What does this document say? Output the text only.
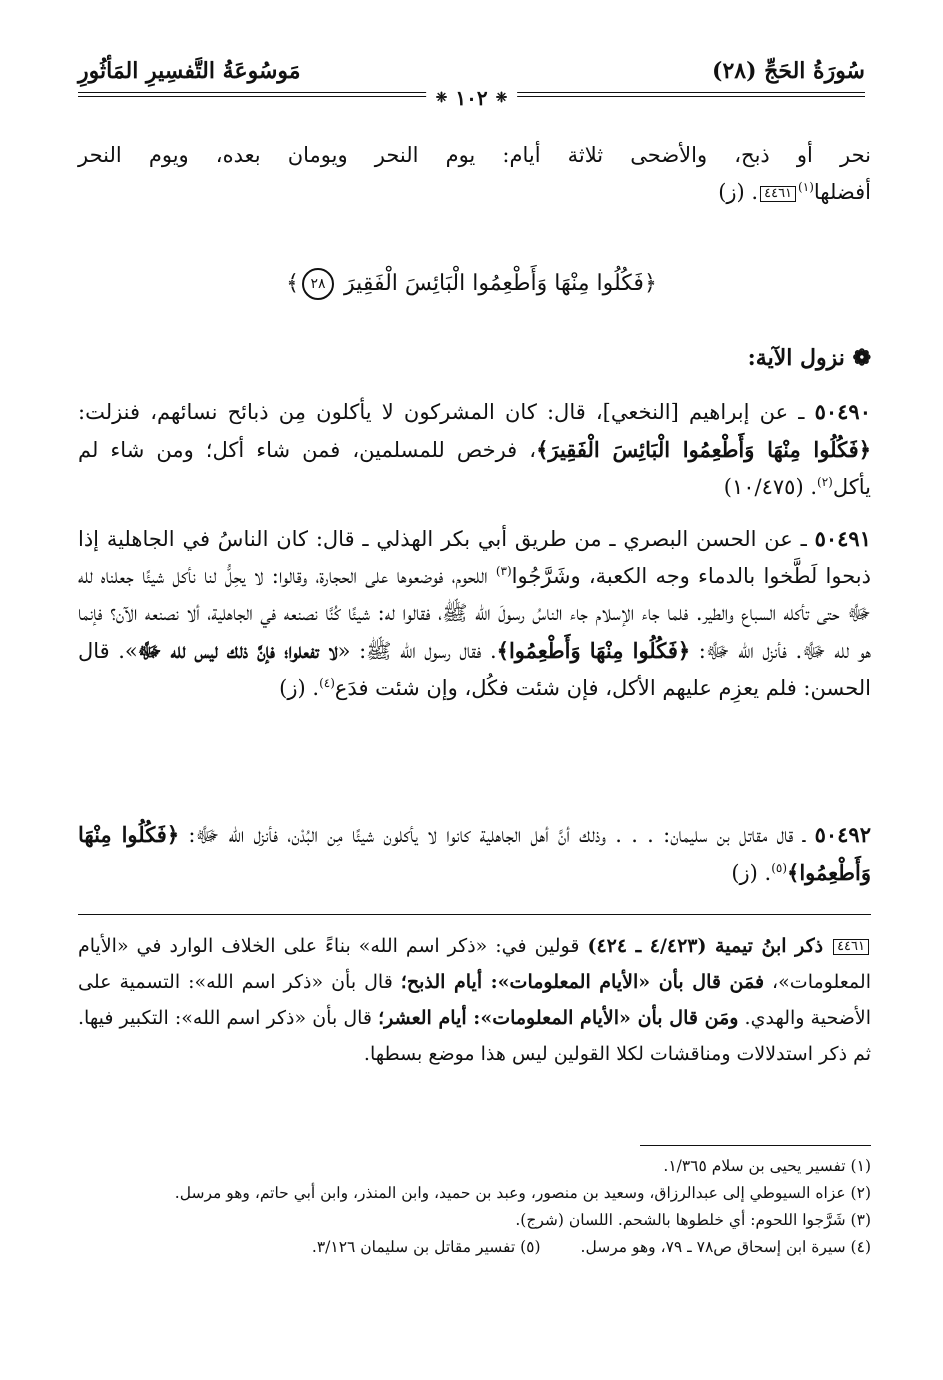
سُورَةُ الحَجِّ (٢٨)
مَوسُوعَةُ التَّفسِيرِ المَأثُورِ
❈
١٠٢
❈
نحر أو ذبح، والأضحى ثلاثة أيام: يوم النحر ويومان بعده، ويوم النحر
أفضلها$^{(١)}$٤٤٦١. (ز)
﴿فَكُلُوا مِنْهَا وَأَطْعِمُوا الْبَائِسَ الْفَقِيرَ ٢٨﴾
❁ نزول الآية:
٥٠٤٩٠ ـ عن إبراهيم [النخعي]، قال: كان المشركون لا يأكلون مِن ذبائح نسائهم، فنزلت: ﴿فَكُلُوا مِنْهَا وَأَطْعِمُوا الْبَائِسَ الْفَقِيرَ﴾، فرخص للمسلمين، فمن شاء أكل؛ ومن شاء لم يأكل$^{(٢)}$. (١٠/٤٧٥)
٥٠٤٩١ ـ عن الحسن البصري ـ من طريق أبي بكر الهذلي ـ قال: كان الناسُ في الجاهلية إذا ذبحوا لَطَّخوا بالدماء وجه الكعبة، وشَرَّجُوا$^{(٣)}$ اللحوم، فوضعوها على الحجارة، وقالوا: لا يحِلُّ لنا نأكل شيئًا جعلناه لله ﷻ حتى تأكله السباع والطير. فلما جاء الإسلام جاء الناسُ رسولَ الله ﷺ، فقالوا له: شيئًا كُنَّا نصنعه في الجاهلية، ألا نصنعه الآن؟ فإنما هو لله ﷻ. فأنزل الله ﷻ: ﴿فَكُلُوا مِنْهَا وَأَطْعِمُوا﴾. فقال رسول الله ﷺ: «لا تفعلوا؛ فإنَّ ذلك ليس لله ﷻ». قال الحسن: فلم يعزِم عليهم الأكل، فإن شئت فكُل، وإن شئت فدَع$^{(٤)}$. (ز)
٥٠٤٩٢ ـ قال مقاتل بن سليمان: . . . وذلك أنَّ أهل الجاهلية كانوا لا يأكلون شيئًا مِن البُدْن، فأنزل الله ﷻ: ﴿فَكُلُوا مِنْهَا وَأَطْعِمُوا﴾$^{(٥)}$. (ز)
٤٤٦١ ذكر ابنُ تيمية (٤/٤٢٣ ـ ٤٢٤) قولين في: «ذكر اسم الله» بناءً على الخلاف الوارد في «الأيام المعلومات»، فمَن قال بأن «الأيام المعلومات»: أيام الذبح؛ قال بأن «ذكر اسم الله»: التسمية على الأضحية والهدي. ومَن قال بأن «الأيام المعلومات»: أيام العشر؛ قال بأن «ذكر اسم الله»: التكبير فيها. ثم ذكر استدلالات ومناقشات لكلا القولين ليس هذا موضع بسطها.
(١) تفسير يحيى بن سلام ١/٣٦٥.
(٢) عزاه السيوطي إلى عبدالرزاق، وسعيد بن منصور، وعبد بن حميد، وابن المنذر، وابن أبي حاتم، وهو مرسل.
(٣) شَرَّجوا اللحوم: أي خلطوها بالشحم. اللسان (شرج).
(٤) سيرة ابن إسحاق ص٧٨ ـ ٧٩، وهو مرسل.
(٥) تفسير مقاتل بن سليمان ٣/١٢٦.
